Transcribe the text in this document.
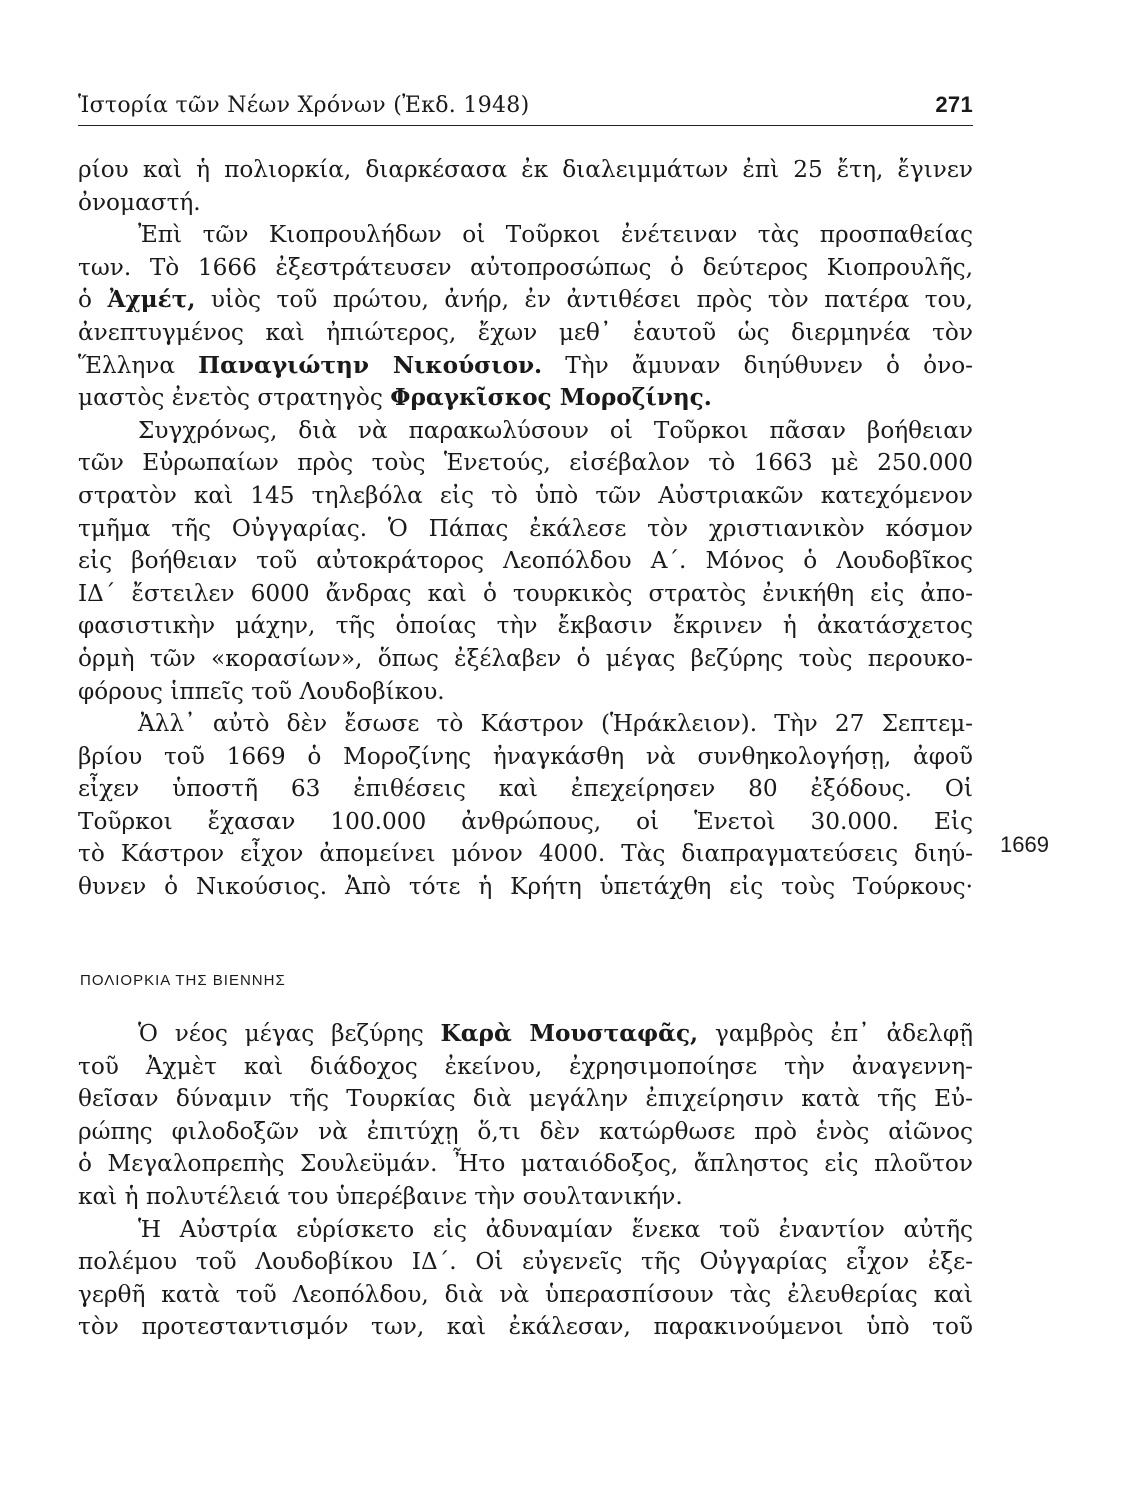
Ἱστορία τῶν Νέων Χρόνων (Ἐκδ. 1948)	271
ρίου καὶ ἡ πολιορκία, διαρκέσασα ἐκ διαλειμμάτων ἐπὶ 25 ἔτη, ἔγινεν
ὀνομαστή.
Ἐπὶ τῶν Κιοπρουλήδων οἱ Τοῦρκοι ἐνέτειναν τὰς προσπαθείας
των. Τὸ 1666 ἐξεστράτευσεν αὐτοπροσώπως ὁ δεύτερος Κιοπρουλῆς,
ὁ Ἀχμέτ, υἱὸς τοῦ πρώτου, ἀνήρ, ἐν ἀντιθέσει πρὸς τὸν πατέρα του,
ἀνεπτυγμένος καὶ ἠπιώτερος, ἔχων μεθ᾿ ἑαυτοῦ ὡς διερμηνέα τὸν
Ἕλληνα Παναγιώτην Νικούσιον. Τὴν ἄμυναν διηύθυνεν ὁ ὀνο-
μαστὸς ἐνετὸς στρατηγὸς Φραγκῖσκος Μοροζίνης.
Συγχρόνως, διὰ νὰ παρακωλύσουν οἱ Τοῦρκοι πᾶσαν βοήθειαν
τῶν Εὐρωπαίων πρὸς τοὺς Ἑνετούς, εἰσέβαλον τὸ 1663 μὲ 250.000
στρατὸν καὶ 145 τηλεβόλα εἰς τὸ ὑπὸ τῶν Αὐστριακῶν κατεχόμενον
τμῆμα τῆς Οὐγγαρίας. Ὁ Πάπας ἐκάλεσε τὸν χριστιανικὸν κόσμον
εἰς βοήθειαν τοῦ αὐτοκράτορος Λεοπόλδου Α΄. Μόνος ὁ Λουδοβῖκος
ΙΔ΄ ἔστειλεν 6000 ἄνδρας καὶ ὁ τουρκικὸς στρατὸς ἐνικήθη εἰς ἀπο-
φασιστικὴν μάχην, τῆς ὁποίας τὴν ἔκβασιν ἔκρινεν ἡ ἀκατάσχετος
ὁρμὴ τῶν «κορασίων», ὅπως ἐξέλαβεν ὁ μέγας βεζύρης τοὺς περουκο-
φόρους ἱππεῖς τοῦ Λουδοβίκου.
Ἀλλ᾿ αὐτὸ δὲν ἔσωσε τὸ Κάστρον (Ἡράκλειον). Τὴν 27 Σεπτεμ-
βρίου τοῦ 1669 ὁ Μοροζίνης ἠναγκάσθη νὰ συνθηκολογήσῃ, ἀφοῦ
εἶχεν ὑποστῆ 63 ἐπιθέσεις καὶ ἐπεχείρησεν 80 ἐξόδους. Οἱ
Τοῦρκοι ἔχασαν 100.000 ἀνθρώπους, οἱ Ἑνετοὶ 30.000. Εἰς
τὸ Κάστρον εἶχον ἀπομείνει μόνον 4000. Τὰς διαπραγματεύσεις διηύ-
θυνεν ὁ Νικούσιος. Ἀπὸ τότε ἡ Κρήτη ὑπετάχθη εἰς τοὺς Τούρκους·
1669
ΠΟΛΙΟΡΚΙΑ ΤΗΣ ΒΙΕΝΝΗΣ
Ὁ νέος μέγας βεζύρης Καρὰ Μουσταφᾶς, γαμβρὸς ἐπ᾿ ἀδελφῇ
τοῦ Ἀχμὲτ καὶ διάδοχος ἐκείνου, ἐχρησιμοποίησε τὴν ἀναγεννη-
θεῖσαν δύναμιν τῆς Τουρκίας διὰ μεγάλην ἐπιχείρησιν κατὰ τῆς Εὐ-
ρώπης φιλοδοξῶν νὰ ἐπιτύχῃ ὅ,τι δὲν κατώρθωσε πρὸ ἑνὸς αἰῶνος
ὁ Μεγαλοπρεπὴς Σουλεϋμάν. Ἦτο ματαιόδοξος, ἄπληστος εἰς πλοῦτον
καὶ ἡ πολυτέλειά του ὑπερέβαινε τὴν σουλτανικήν.
Ἡ Αὐστρία εὑρίσκετο εἰς ἀδυναμίαν ἕνεκα τοῦ ἐναντίον αὐτῆς
πολέμου τοῦ Λουδοβίκου ΙΔ΄. Οἱ εὐγενεῖς τῆς Οὐγγαρίας εἶχον ἐξε-
γερθῆ κατὰ τοῦ Λεοπόλδου, διὰ νὰ ὑπερασπίσουν τὰς ἐλευθερίας καὶ
τὸν προτεσταντισμόν των, καὶ ἐκάλεσαν, παρακινούμενοι ὑπὸ τοῦ
